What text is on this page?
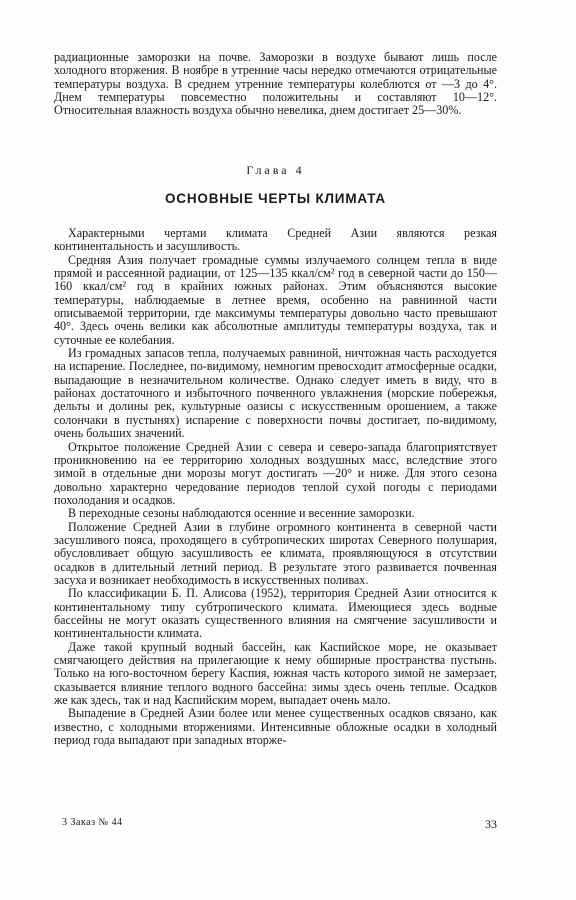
радиационные заморозки на почве. Заморозки в воздухе бывают лишь после холодного вторжения. В ноябре в утренние часы нередко отмечаются отрицательные температуры воздуха. В среднем утренние температуры колеблются от —3 до 4°. Днем температуры повсеместно положительны и составляют 10—12°. Относительная влажность воздуха обычно невелика, днем достигает 25—30%.

Глава 4
ОСНОВНЫЕ ЧЕРТЫ КЛИМАТА

Характерными чертами климата Средней Азии являются резкая континентальность и засушливость.

Средняя Азия получает громадные суммы излучаемого солнцем тепла в виде прямой и рассеянной радиации, от 125—135 ккал/см² год в северной части до 150—160 ккал/см² год в крайних южных районах. Этим объясняются высокие температуры, наблюдаемые в летнее время, особенно на равнинной части описываемой территории, где максимумы температуры довольно часто превышают 40°. Здесь очень велики как абсолютные амплитуды температуры воздуха, так и суточные ее колебания.

Из громадных запасов тепла, получаемых равниной, ничтожная часть расходуется на испарение. Последнее, по-видимому, немногим превосходит атмосферные осадки, выпадающие в незначительном количестве. Однако следует иметь в виду, что в районах достаточного и избыточного почвенного увлажнения (морские побережья, дельты и долины рек, культурные оазисы с искусственным орошением, а также солончаки в пустынях) испарение с поверхности почвы достигает, по-видимому, очень больших значений.

Открытое положение Средней Азии с севера и северо-запада благоприятствует проникновению на ее территорию холодных воздушных масс, вследствие этого зимой в отдельные дни морозы могут достигать —20° и ниже. Для этого сезона довольно характерно чередование периодов теплой сухой погоды с периодами похолодания и осадков.

В переходные сезоны наблюдаются осенние и весенние заморозки.

Положение Средней Азии в глубине огромного континента в северной части засушливого пояса, проходящего в субтропических широтах Северного полушария, обусловливает общую засушливость ее климата, проявляющуюся в отсутствии осадков в длительный летний период. В результате этого развивается почвенная засуха и возникает необходимость в искусственных поливах.

По классификации Б. П. Алисова (1952), территория Средней Азии относится к континентальному типу субтропического климата. Имеющиеся здесь водные бассейны не могут оказать существенного влияния на смягчение засушливости и континентальности климата.

Даже такой крупный водный бассейн, как Каспийское море, не оказывает смягчающего действия на прилегающие к нему обширные пространства пустынь. Только на юго-восточном берегу Каспия, южная часть которого зимой не замерзает, сказывается влияние теплого водного бассейна: зимы здесь очень теплые. Осадков же как здесь, так и над Каспийским морем, выпадает очень мало.

Выпадение в Средней Азии более или менее существенных осадков связано, как известно, с холодными вторжениями. Интенсивные обложные осадки в холодный период года выпадают при западных вторже-

3 Заказ № 44	33
